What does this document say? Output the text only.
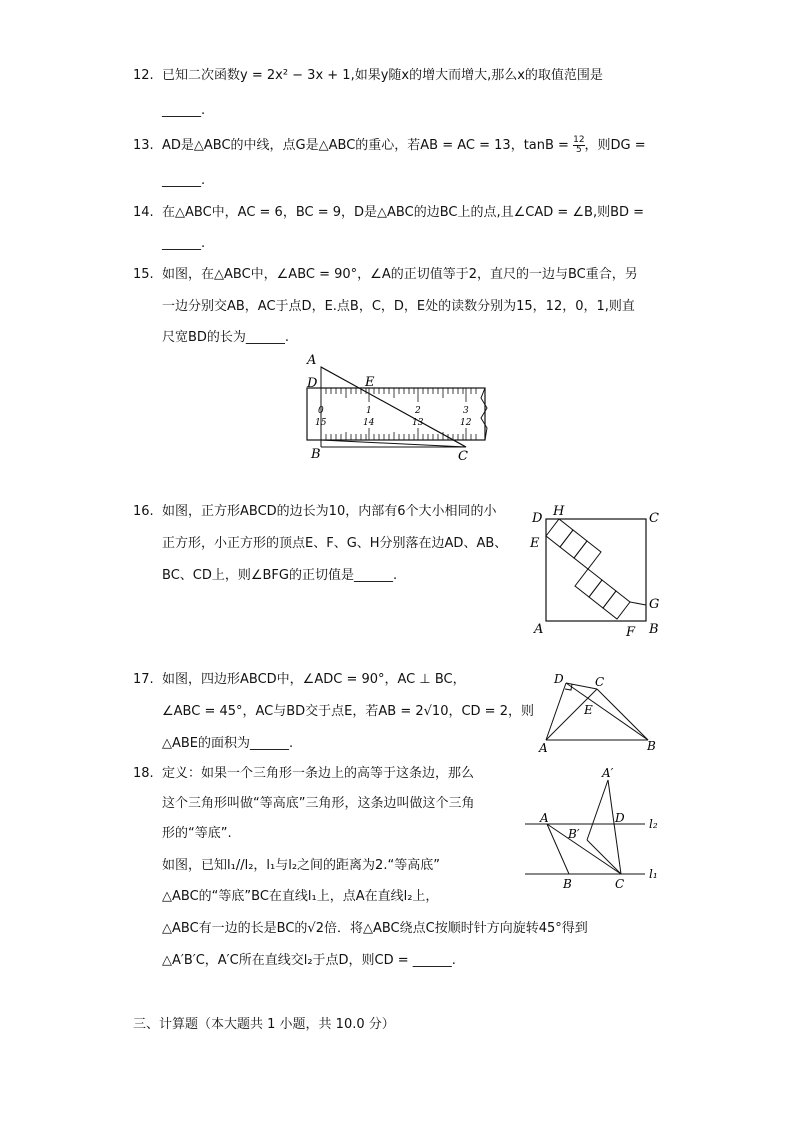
12. 已知二次函数y = 2x² − 3x + 1,如果y随x的增大而增大,那么x的取值范围是
______.
13. AD是△ABC的中线，点G是△ABC的重心，若AB = AC = 13，$\tan B = \frac{12}{5}$ ，则DG =
______.
14. 在△ABC中，AC = 6，BC = 9，D是△ABC的边BC上的点,且∠CAD = ∠B,则BD =
______.
15. 如图，在△ABC中，∠ABC = 90°，∠A的正切值等于2，直尺的一边与BC重合，另
一边分别交AB，AC于点D，E.点B，C，D，E处的读数分别为15，12，0，1,则直
尺宽BD的长为______.
0	1	2	3
15	14	13	12
A
D	E
B	C
16. 如图，正方形ABCD的边长为10，内部有6个大小相同的小
正方形，小正方形的顶点E、F、G、H分别落在边AD、AB、
BC、CD上，则∠BFG的正切值是______.
D H	C
E
G
A	F B
17. 如图，四边形ABCD中，∠ADC = 90°，AC ⊥ BC，
∠ABC = 45°，AC与BD交于点E，若AB = 2√10，CD = 2，则
△ABE的面积为______.
D	C
E
A	B
18. 定义：如果一个三角形一条边上的高等于这条边，那么
这个三角形叫做“等高底”三角形，这条边叫做这个三角
形的“等底”.
如图，已知l₁//l₂，l₁与l₂之间的距离为2.“等高底”
△ABC的“等底”BC在直线l₁上，点A在直线l₂上，
△ABC有一边的长是BC的√2倍．将△ABC绕点C按顺时针方向旋转45°得到
△A′B′C，A′C所在直线交l₂于点D，则CD = ______.
A′
A	D
B′
l₂
l₁
B	C
三、计算题（本大题共 1 小题，共 10.0 分）
